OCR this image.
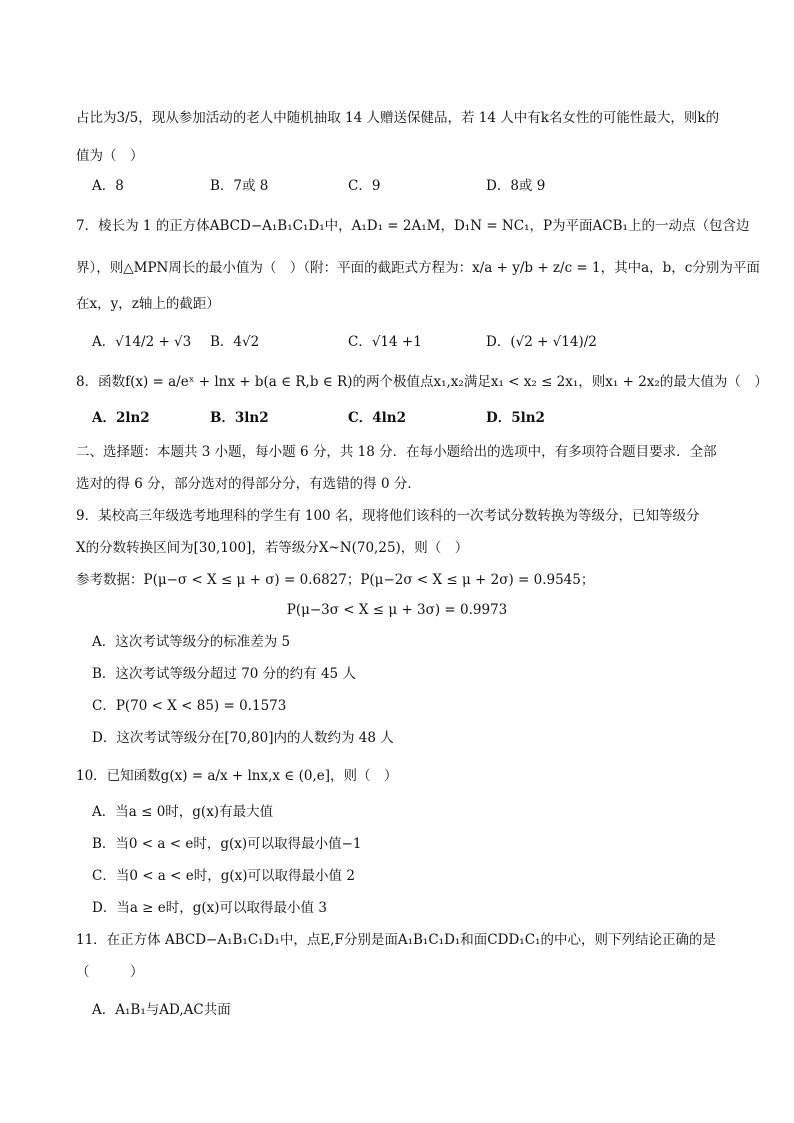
占比为3/5，现从参加活动的老人中随机抽取 14 人赠送保健品，若 14 人中有k名女性的可能性最大，则k的
值为（　）
A．8	B．7或 8	C．9	D．8或 9
7．棱长为 1 的正方体ABCD−A₁B₁C₁D₁中，A₁D₁ = 2A₁M，D₁N = NC₁，P为平面ACB₁上的一动点（包含边
界），则△MPN周长的最小值为（　）（附：平面的截距式方程为：x/a + y/b + z/c = 1，其中a，b，c分别为平面
在x，y，z轴上的截距）
A．√14/2 + √3 B．4√2	C．√14 +1	D．(√2 + √14)/2
8．函数f(x) = a/eˣ + lnx + b(a ∈ R,b ∈ R)的两个极值点x₁,x₂满足x₁ < x₂ ≤ 2x₁，则x₁ + 2x₂的最大值为（　）
A．2ln2	B．3ln2	C．4ln2	D．5ln2
二、选择题：本题共 3 小题，每小题 6 分，共 18 分．在每小题给出的选项中，有多项符合题目要求．全部
选对的得 6 分，部分选对的得部分分，有选错的得 0 分．
9．某校高三年级选考地理科的学生有 100 名，现将他们该科的一次考试分数转换为等级分，已知等级分
X的分数转换区间为[30,100]，若等级分X~N(70,25)，则（　）
参考数据：P(μ−σ < X ≤ μ + σ) = 0.6827；P(μ−2σ < X ≤ μ + 2σ) = 0.9545；
P(μ−3σ < X ≤ μ + 3σ) = 0.9973
A．这次考试等级分的标准差为 5
B．这次考试等级分超过 70 分的约有 45 人
C．P(70 < X < 85) = 0.1573
D．这次考试等级分在[70,80]内的人数约为 48 人
10．已知函数g(x) = a/x + lnx,x ∈ (0,e]，则（　）
A．当a ≤ 0时，g(x)有最大值
B．当0 < a < e时，g(x)可以取得最小值−1
C．当0 < a < e时，g(x)可以取得最小值 2
D．当a ≥ e时，g(x)可以取得最小值 3
11．在正方体 ABCD−A₁B₁C₁D₁中，点E,F分别是面A₁B₁C₁D₁和面CDD₁C₁的中心，则下列结论正确的是
（　　　）
A．A₁B₁与AD,AC共面
